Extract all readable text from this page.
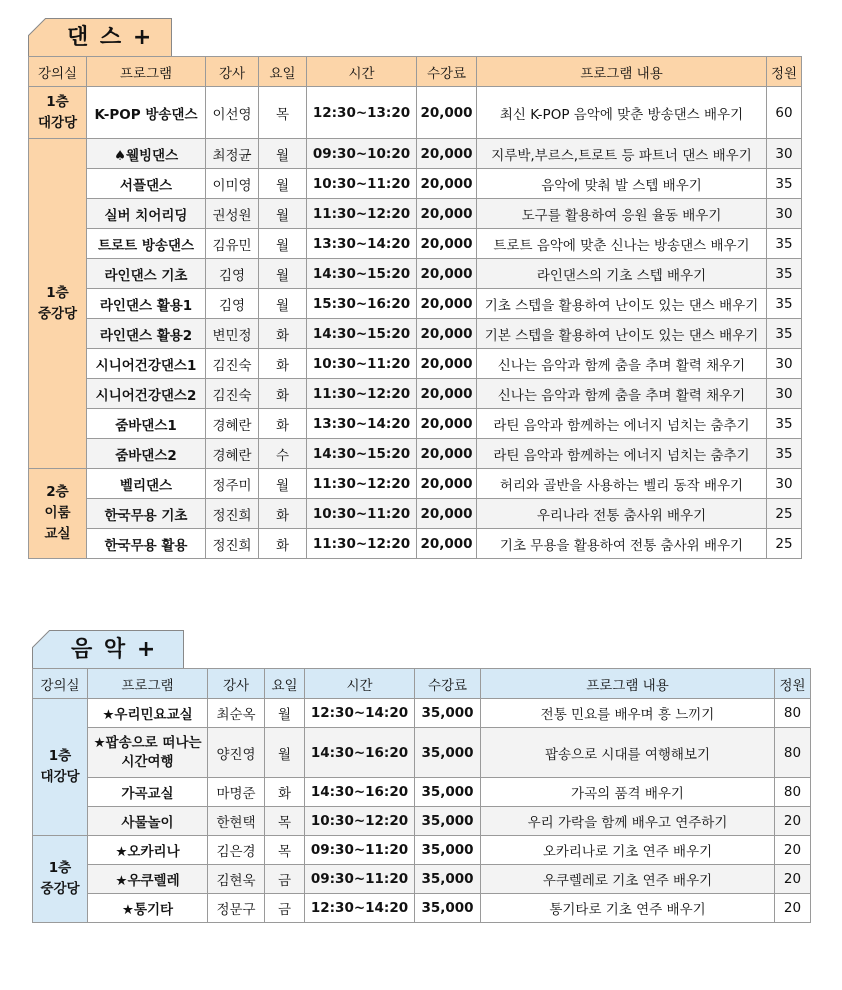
댄 스 +
강의실	프로그램	강사	요일	시간	수강료	프로그램 내용	정원
1층
대강당	K-POP 방송댄스	이선영	목	12:30~13:20	20,000	최신 K-POP 음악에 맞춘 방송댄스 배우기	60
1층
중강당	♠웰빙댄스	최정균	월	09:30~10:20	20,000	지루박,부르스,트로트 등 파트너 댄스 배우기	30
	서플댄스	이미영	월	10:30~11:20	20,000	음악에 맞춰 발 스텝 배우기	35
	실버 치어리딩	권성원	월	11:30~12:20	20,000	도구를 활용하여 응원 율동 배우기	30
	트로트 방송댄스	김유민	월	13:30~14:20	20,000	트로트 음악에 맞춘 신나는 방송댄스 배우기	35
	라인댄스 기초	김영	월	14:30~15:20	20,000	라인댄스의 기초 스텝 배우기	35
	라인댄스 활용1	김영	월	15:30~16:20	20,000	기초 스텝을 활용하여 난이도 있는 댄스 배우기	35
	라인댄스 활용2	변민정	화	14:30~15:20	20,000	기본 스텝을 활용하여 난이도 있는 댄스 배우기	35
	시니어건강댄스1	김진숙	화	10:30~11:20	20,000	신나는 음악과 함께 춤을 추며 활력 채우기	30
	시니어건강댄스2	김진숙	화	11:30~12:20	20,000	신나는 음악과 함께 춤을 추며 활력 채우기	30
	줌바댄스1	경혜란	화	13:30~14:20	20,000	라틴 음악과 함께하는 에너지 넘치는 춤추기	35
	줌바댄스2	경혜란	수	14:30~15:20	20,000	라틴 음악과 함께하는 에너지 넘치는 춤추기	35
2층
이룸
교실	벨리댄스	정주미	월	11:30~12:20	20,000	허리와 골반을 사용하는 벨리 동작 배우기	30
	한국무용 기초	정진희	화	10:30~11:20	20,000	우리나라 전통 춤사위 배우기	25
	한국무용 활용	정진희	화	11:30~12:20	20,000	기초 무용을 활용하여 전통 춤사위 배우기	25
음 악 +
강의실	프로그램	강사	요일	시간	수강료	프로그램 내용	정원
1층
대강당	★우리민요교실	최순옥	월	12:30~14:20	35,000	전통 민요를 배우며 흥 느끼기	80
	★팝송으로 떠나는 시간여행	양진영	월	14:30~16:20	35,000	팝송으로 시대를 여행해보기	80
	가곡교실	마명준	화	14:30~16:20	35,000	가곡의 품격 배우기	80
	사물놀이	한현택	목	10:30~12:20	35,000	우리 가락을 함께 배우고 연주하기	20
1층
중강당	★오카리나	김은경	목	09:30~11:20	35,000	오카리나로 기초 연주 배우기	20
	★우쿠렐레	김현욱	금	09:30~11:20	35,000	우쿠렐레로 기초 연주 배우기	20
	★통기타	정문구	금	12:30~14:20	35,000	통기타로 기초 연주 배우기	20
